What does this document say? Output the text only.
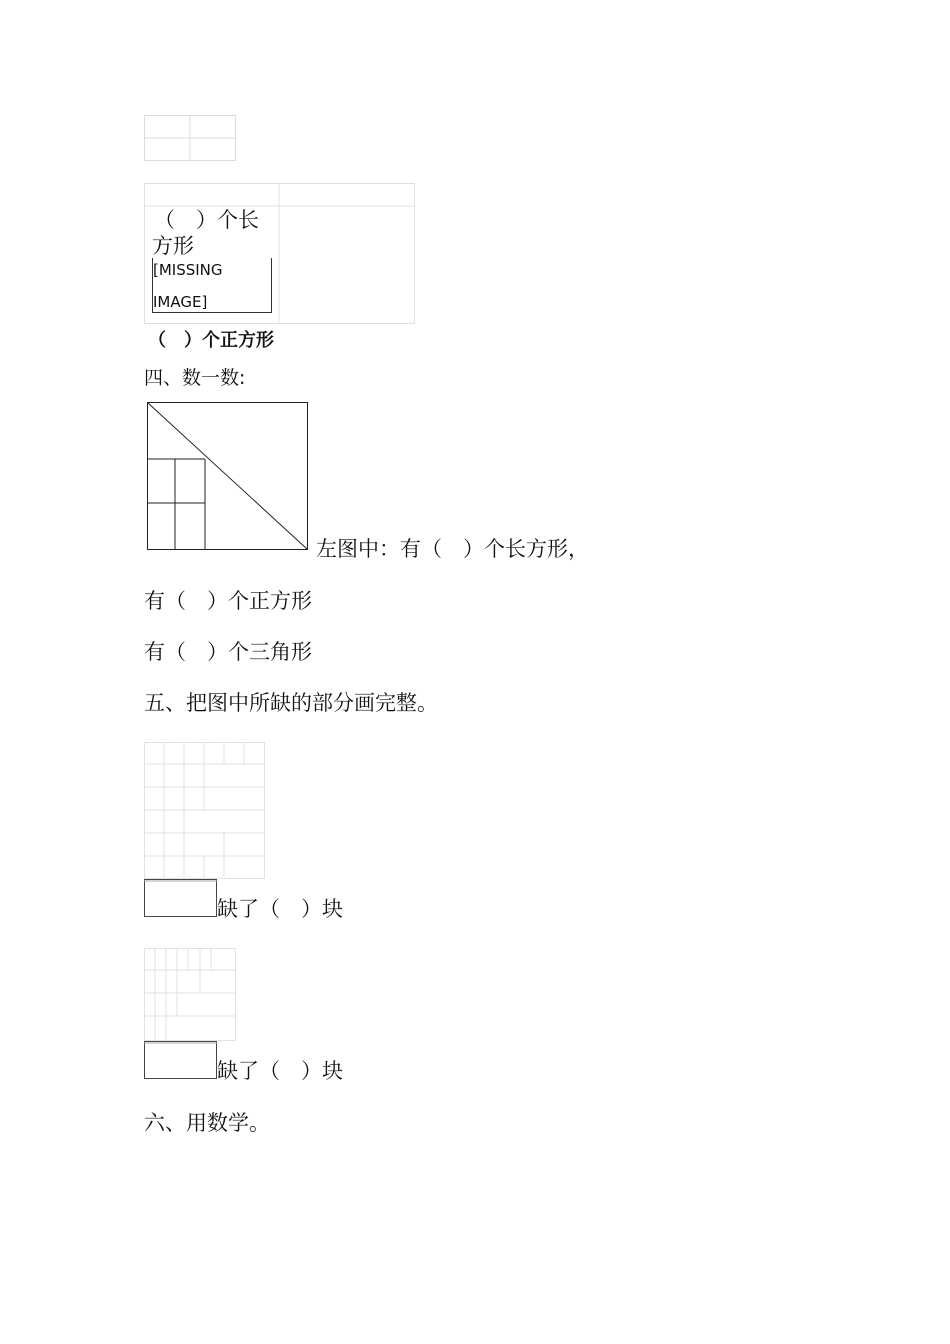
（　）个长
方形
[MISSING
IMAGE]
（　）个正方形
四、数一数:
左图中：有（　）个长方形，
有（　）个正方形
有（　）个三角形
五、把图中所缺的部分画完整。
缺了（　）块
缺了（　）块
六、用数学。
